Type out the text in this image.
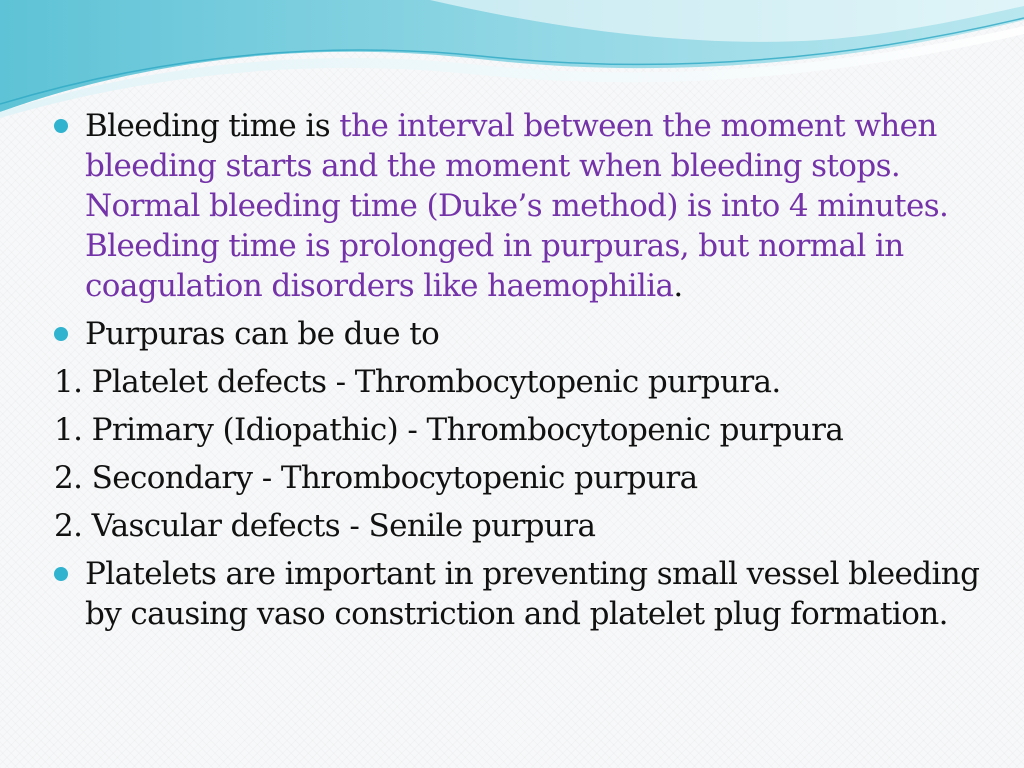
Bleeding time is the interval between the moment when bleeding starts and the moment when bleeding stops. Normal bleeding time (Duke’s method) is into 4 minutes. Bleeding time is prolonged in purpuras, but normal in coagulation disorders like haemophilia.
Purpuras can be due to
1. Platelet defects - Thrombocytopenic purpura.
1. Primary (Idiopathic) - Thrombocytopenic purpura
2. Secondary - Thrombocytopenic purpura
2. Vascular defects - Senile purpura
Platelets are important in preventing small vessel bleeding by causing vaso constriction and platelet plug formation.
